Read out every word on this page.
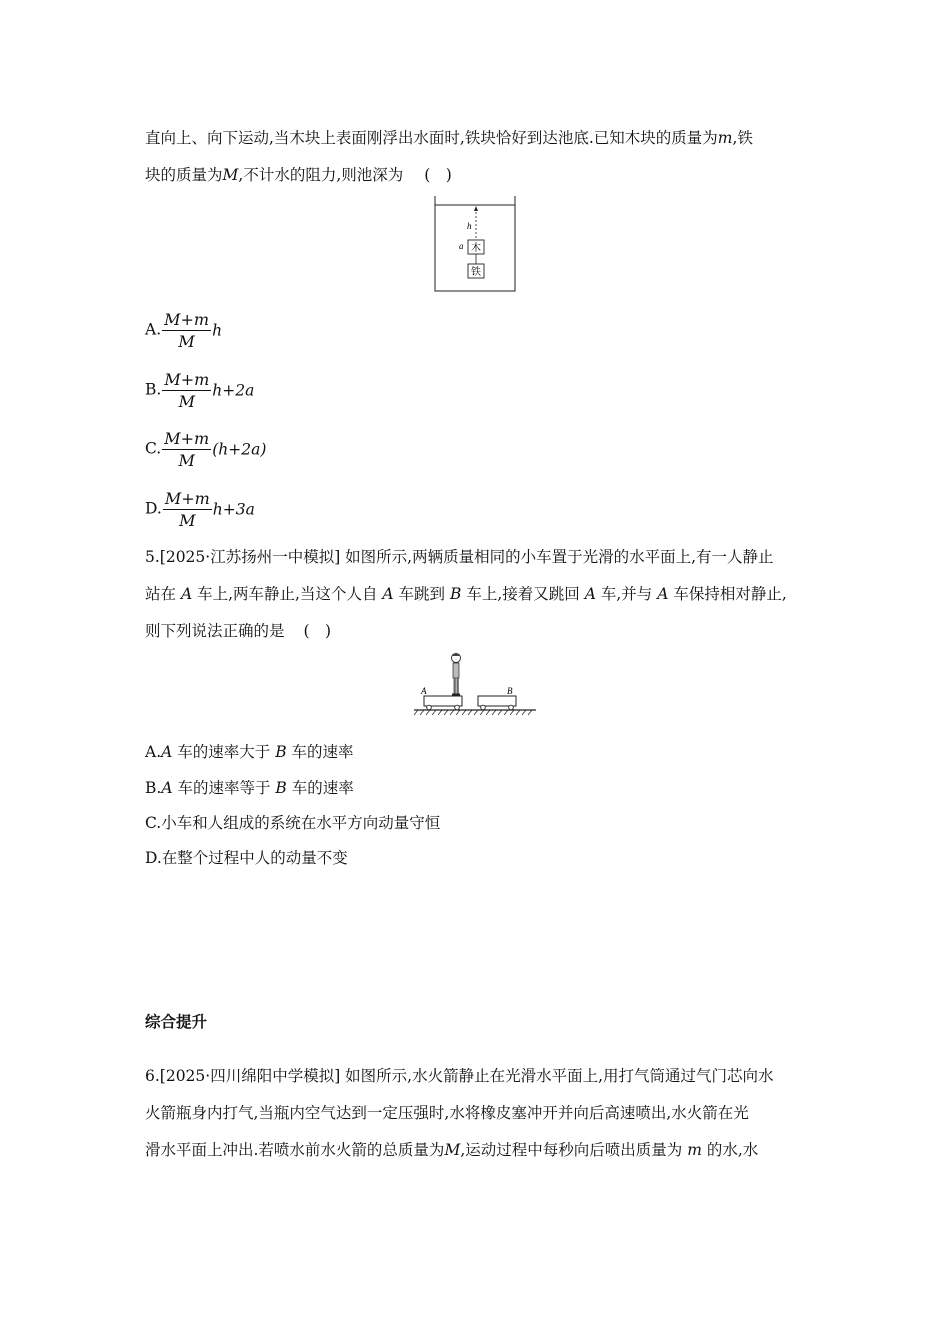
直向上、向下运动,当木块上表面刚浮出水面时,铁块恰好到达池底.已知木块的质量为m,铁
块的质量为M,不计水的阻力,则池深为 (　)
h
a 木
铁
A. $\frac{M+m}{M}$ h
B. $\frac{M+m}{M} h+2a$
C. $\frac{M+m}{M} (h+2a)$
D. $\frac{M+m}{M} h+3a$
5.[2025·江苏扬州一中模拟] 如图所示,两辆质量相同的小车置于光滑的水平面上,有一人静止
站在 A 车上,两车静止,当这个人自 A 车跳到 B 车上,接着又跳回 A 车,并与 A 车保持相对静止,
则下列说法正确的是 (　)
A	B
A.A 车的速率大于 B 车的速率
B.A 车的速率等于 B 车的速率
C.小车和人组成的系统在水平方向动量守恒
D.在整个过程中人的动量不变
综合提升
6.[2025·四川绵阳中学模拟] 如图所示,水火箭静止在光滑水平面上,用打气筒通过气门芯向水
火箭瓶身内打气,当瓶内空气达到一定压强时,水将橡皮塞冲开并向后高速喷出,水火箭在光
滑水平面上冲出.若喷水前水火箭的总质量为M,运动过程中每秒向后喷出质量为 m 的水,水
